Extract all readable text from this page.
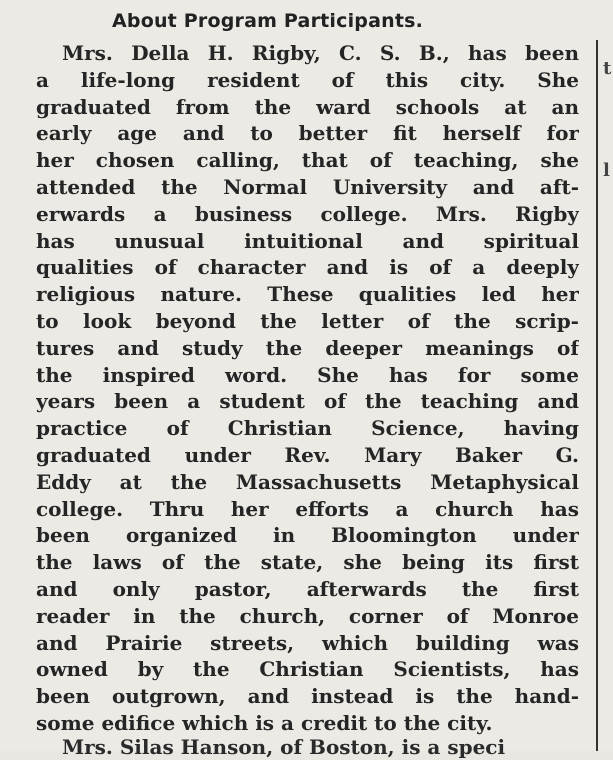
About Program Participants.
Mrs. Della H. Rigby, C. S. B., has been
a life-long resident of this city. She
graduated from the ward schools at an
early age and to better fit herself for
her chosen calling, that of teaching, she
attended the Normal University and aft-
erwards a business college. Mrs. Rigby
has unusual intuitional and spiritual
qualities of character and is of a deeply
religious nature. These qualities led her
to look beyond the letter of the scrip-
tures and study the deeper meanings of
the inspired word. She has for some
years been a student of the teaching and
practice of Christian Science, having
graduated under Rev. Mary Baker G.
Eddy at the Massachusetts Metaphysical
college. Thru her efforts a church has
been organized in Bloomington under
the laws of the state, she being its first
and only pastor, afterwards the first
reader in the church, corner of Monroe
and Prairie streets, which building was
owned by the Christian Scientists, has
been outgrown, and instead is the hand-
some edifice which is a credit to the city.
Mrs. Silas Hanson, of Boston, is a speci
t
l
